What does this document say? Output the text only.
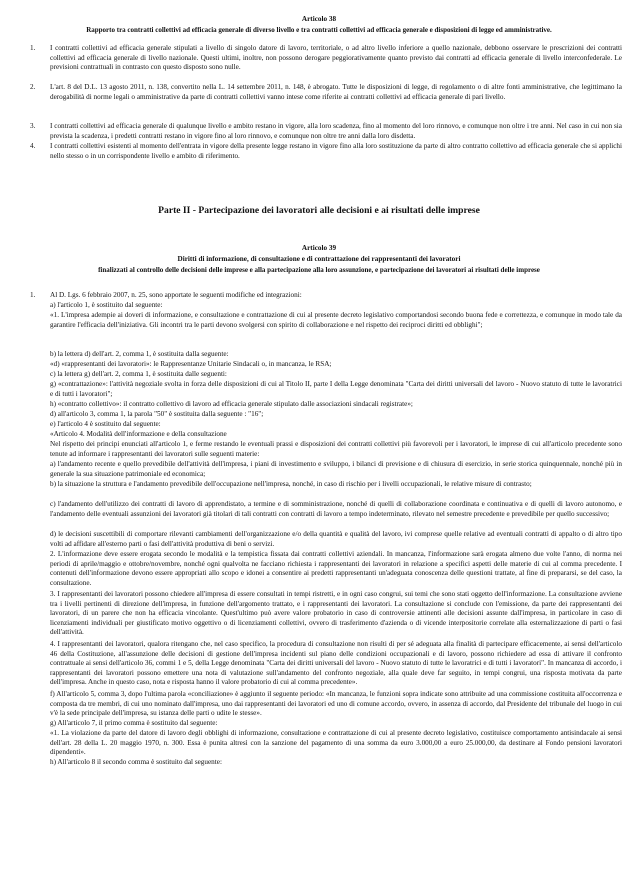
Articolo 38
Rapporto tra contratti collettivi ad efficacia generale di diverso livello e tra contratti collettivi ad efficacia generale e disposizioni di legge ed amministrative.
1.	I contratti collettivi ad efficacia generale stipulati a livello di singolo datore di lavoro, territoriale, o ad altro livello inferiore a quello nazionale, debbono osservare le prescrizioni dei contratti collettivi ad efficacia generale di livello nazionale. Questi ultimi, inoltre, non possono derogare peggiorativamente quanto previsto dai contratti ad efficacia generale di livello interconfederale. Le previsioni contrattuali in contrasto con questo disposto sono nulle.
2.	L'art. 8 del D.L. 13 agosto 2011, n. 138, convertito nella L. 14 settembre 2011, n. 148, è abrogato. Tutte le disposizioni di legge, di regolamento o di altre fonti amministrative, che legittimano la derogabilità di norme legali o amministrative da parte di contratti collettivi vanno intese come riferite ai contratti collettivi ad efficacia generale di pari livello.
3.	I contratti collettivi ad efficacia generale di qualunque livello e ambito restano in vigore, alla loro scadenza, fino al momento del loro rinnovo, e comunque non oltre i tre anni. Nel caso in cui non sia prevista la scadenza, i predetti contratti restano in vigore fino al loro rinnovo, e comunque non oltre tre anni dalla loro disdetta.
4.	I contratti collettivi esistenti al momento dell'entrata in vigore della presente legge restano in vigore fino alla loro sostituzione da parte di altro contratto collettivo ad efficacia generale che si applichi nello stesso o in un corrispondente livello e ambito di riferimento.
Parte II - Partecipazione dei lavoratori alle decisioni e ai risultati delle imprese
Articolo 39
Diritti di informazione, di consultazione e di contrattazione dei rappresentanti dei lavoratori
finalizzati al controllo delle decisioni delle imprese e alla partecipazione alla loro assunzione, e partecipazione dei lavoratori ai risultati delle imprese
1.	Al D. Lgs. 6 febbraio 2007, n. 25, sono apportate le seguenti modifiche ed integrazioni:
a) l'articolo 1, è sostituito dal seguente:
«1. L'impresa adempie ai doveri di informazione, e consultazione e contrattazione di cui al presente decreto legislativo comportandosi secondo buona fede e correttezza, e comunque in modo tale da garantire l'efficacia dell'iniziativa. Gli incontri tra le parti devono svolgersi con spirito di collaborazione e nel rispetto dei reciproci diritti ed obblighi";
b) la lettera d) dell'art. 2, comma 1, è sostituita dalla seguente:
«d) «rappresentanti dei lavoratori»: le Rappresentanze Unitarie Sindacali o, in mancanza, le RSA;
c) la lettera g) dell'art. 2, comma 1, è sostituita dalle seguenti:
g) «contrattazione»: l'attività negoziale svolta in forza delle disposizioni di cui al Titolo II, parte I della Legge denominata "Carta dei diritti universali del lavoro - Nuovo statuto di tutte le lavoratrici e di tutti i lavoratori";
h) «contratto collettivo»: il contratto collettivo di lavoro ad efficacia generale stipulato dalle associazioni sindacali registrate»;
d) all'articolo 3, comma 1, la parola "50" è sostituita dalla seguente : "16";
e) l'articolo 4 è sostituito dal seguente:
«Articolo 4. Modalità dell'informazione e della consultazione
Nel rispetto dei principi enunciati all'articolo 1, e ferme restando le eventuali prassi e disposizioni dei contratti collettivi più favorevoli per i lavoratori, le imprese di cui all'articolo precedente sono tenute ad informare i rappresentanti dei lavoratori sulle seguenti materie:
a) l'andamento recente e quello prevedibile dell'attività dell'impresa, i piani di investimento e sviluppo, i bilanci di previsione e di chiusura di esercizio, in serie storica quinquennale, nonché più in generale la sua situazione patrimoniale ed economica;
b) la situazione la struttura e l'andamento prevedibile dell'occupazione nell'impresa, nonché, in caso di rischio per i livelli occupazionali, le relative misure di contrasto;
c) l'andamento dell'utilizzo dei contratti di lavoro di apprendistato, a termine e di somministrazione, nonché di quelli di collaborazione coordinata e continuativa e di quelli di lavoro autonomo, e l'andamento delle eventuali assunzioni dei lavoratori già titolari di tali contratti con contratti di lavoro a tempo indeterminato, rilevato nel semestre precedente e prevedibile per quello successivo;
d) le decisioni suscettibili di comportare rilevanti cambiamenti dell'organizzazione e/o della quantità e qualità del lavoro, ivi comprese quelle relative ad eventuali contratti di appalto o di altro tipo volti ad affidare all'esterno parti o fasi dell'attività produttiva di beni o servizi.
2. L'informazione deve essere erogata secondo le modalità e la tempistica fissata dai contratti collettivi aziendali. In mancanza, l'informazione sarà erogata almeno due volte l'anno, di norma nei periodi di aprile/maggio e ottobre/novembre, nonché ogni qualvolta ne facciano richiesta i rappresentanti dei lavoratori in relazione a specifici aspetti delle materie di cui al comma precedente. I contenuti dell'informazione devono essere appropriati allo scopo e idonei a consentire ai predetti rappresentanti un'adeguata conoscenza delle questioni trattate, al fine di prepararsi, se del caso, la consultazione.
3. I rappresentanti dei lavoratori possono chiedere all'impresa di essere consultati in tempi ristretti, e in ogni caso congrui, sui temi che sono stati oggetto dell'informazione. La consultazione avviene tra i livelli pertinenti di direzione dell'impresa, in funzione dell'argomento trattato, e i rappresentanti dei lavoratori. La consultazione si conclude con l'emissione, da parte dei rappresentanti dei lavoratori, di un parere che non ha efficacia vincolante. Quest'ultimo può avere valore probatorio in caso di controversie attinenti alle decisioni assunte dall'impresa, in particolare in caso di licenziamenti individuali per giustificato motivo oggettivo o di licenziamenti collettivi, ovvero di trasferimento d'azienda o di vicende interpositorie correlate alla esternalizzazione di parti o fasi dell'attività.
4. I rappresentanti dei lavoratori, qualora ritengano che, nel caso specifico, la procedura di consultazione non risulti di per sé adeguata alla finalità di partecipare efficacemente, ai sensi dell'articolo 46 della Costituzione, all'assunzione delle decisioni di gestione dell'impresa incidenti sul piano delle condizioni occupazionali e di lavoro, possono richiedere ad essa di attivare il confronto contrattuale ai sensi dell'articolo 36, commi 1 e 5, della Legge denominata "Carta dei diritti universali del lavoro - Nuovo statuto di tutte le lavoratrici e di tutti i lavoratori". In mancanza di accordo, i rappresentanti dei lavoratori possono emettere una nota di valutazione sull'andamento del confronto negoziale, alla quale deve far seguito, in tempi congrui, una risposta motivata da parte dell'impresa. Anche in questo caso, nota e risposta hanno il valore probatorio di cui al comma precedente».
f) All'articolo 5, comma 3, dopo l'ultima parola «conciliazione» è aggiunto il seguente periodo: «In mancanza, le funzioni sopra indicate sono attribuite ad una commissione costituita all'occorrenza e composta da tre membri, di cui uno nominato dall'impresa, uno dai rappresentanti dei lavoratori ed uno di comune accordo, ovvero, in assenza di accordo, dal Presidente del tribunale del luogo in cui v'è la sede principale dell'impresa, su istanza delle parti o udite le stesse».
g) All'articolo 7, il primo comma è sostituito dal seguente:
«1. La violazione da parte del datore di lavoro degli obblighi di informazione, consultazione e contrattazione di cui al presente decreto legislativo, costituisce comportamento antisindacale ai sensi dell'art. 28 della L. 20 maggio 1970, n. 300. Essa è punita altresì con la sanzione del pagamento di una somma da euro 3.000,00 a euro 25.000,00, da destinare al Fondo pensioni lavoratori dipendenti».
h) All'articolo 8 il secondo comma è sostituito dal seguente:
